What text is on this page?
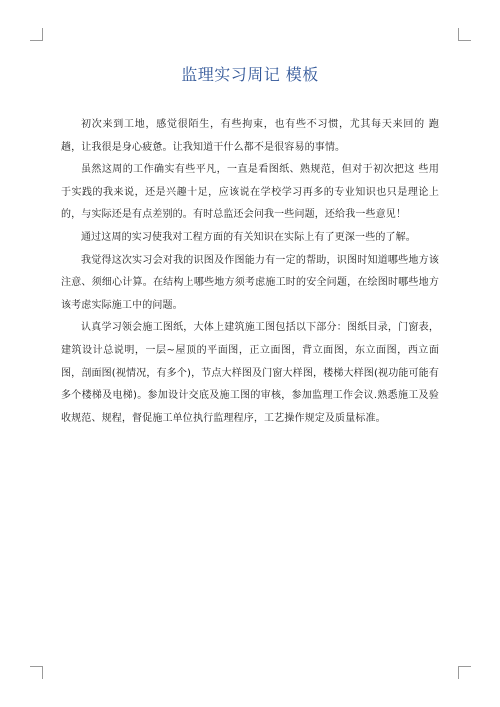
监理实习周记 模板

初次来到工地，感觉很陌生，有些拘束，也有些不习惯，尤其每天来回的 跑趟，让我很是身心疲惫。让我知道干什么都不是很容易的事情。

虽然这周的工作确实有些平凡，一直是看图纸、熟规范，但对于初次把这 些用于实践的我来说，还是兴趣十足，应该说在学校学习再多的专业知识也只是理论上的，与实际还是有点差别的。有时总监还会问我一些问题，还给我一些意见！

通过这周的实习使我对工程方面的有关知识在实际上有了更深一些的了解。

我觉得这次实习会对我的识图及作图能力有一定的帮助，识图时知道哪些地方该注意、须细心计算。在结构上哪些地方须考虑施工时的安全问题，在绘图时哪些地方该考虑实际施工中的问题。

认真学习领会施工图纸，大体上建筑施工图包括以下部分：图纸目录，门窗表，建筑设计总说明，一层~屋顶的平面图，正立面图，背立面图，东立面图，西立面图，剖面图(视情况，有多个)，节点大样图及门窗大样图，楼梯大样图(视功能可能有多个楼梯及电梯)。参加设计交底及施工图的审核，参加监理工作会议.熟悉施工及验收规范、规程，督促施工单位执行监理程序，工艺操作规定及质量标准。
